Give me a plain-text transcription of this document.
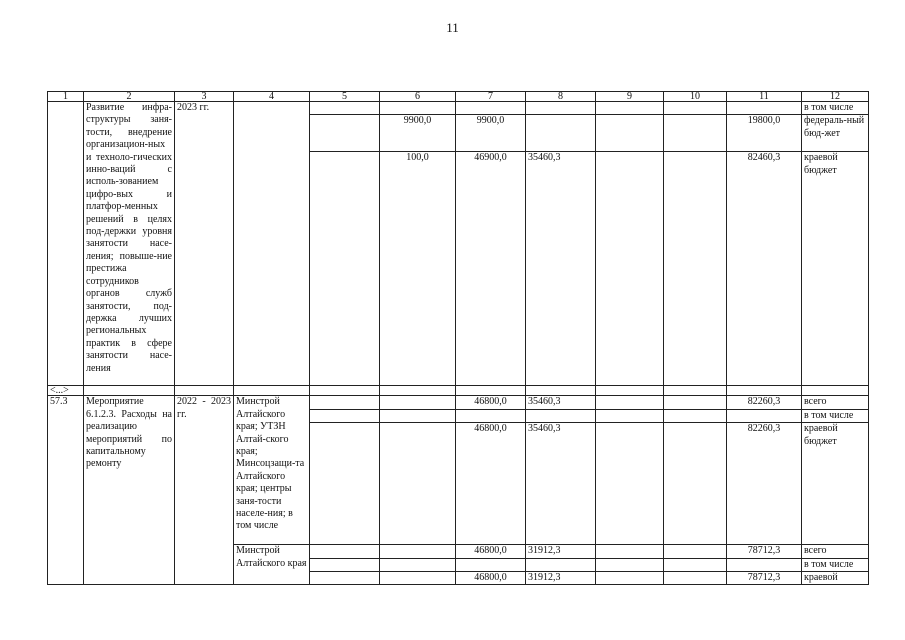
11
1	2	3	4	5	6	7	8	9	10	11	12
	Развитие инфра-структуры заня-тости, внедрение организацион-ных и техноло-гических инно-ваций с исполь-зованием цифро-вых и платфор-менных решений в целях под-держки уровня занятости насе-ления; повыше-ние престижа сотрудников органов служб занятости, под-держка лучших региональных практик в сфере занятости насе-ления	2023 гг.									в том числе
					9900,0	9900,0				19800,0	федераль-ный бюд-жет
					100,0	46900,0	35460,3			82460,3	краевой бюджет
<...>											
57.3	Мероприятие 6.1.2.3. Расходы на реализацию мероприятий по капитальному ремонту	2022 - 2023 гг.	Минстрой Алтайского края; УТЗН Алтай-ского края; Минсоцзащи-та Алтайского края; центры заня-тости населе-ния; в том числе			46800,0	35460,3			82260,3	всего
											в том числе
						46800,0	35460,3			82260,3	краевой бюджет
			Минстрой Алтайского края			46800,0	31912,3			78712,3	всего
											в том числе
						46800,0	31912,3			78712,3	краевой
